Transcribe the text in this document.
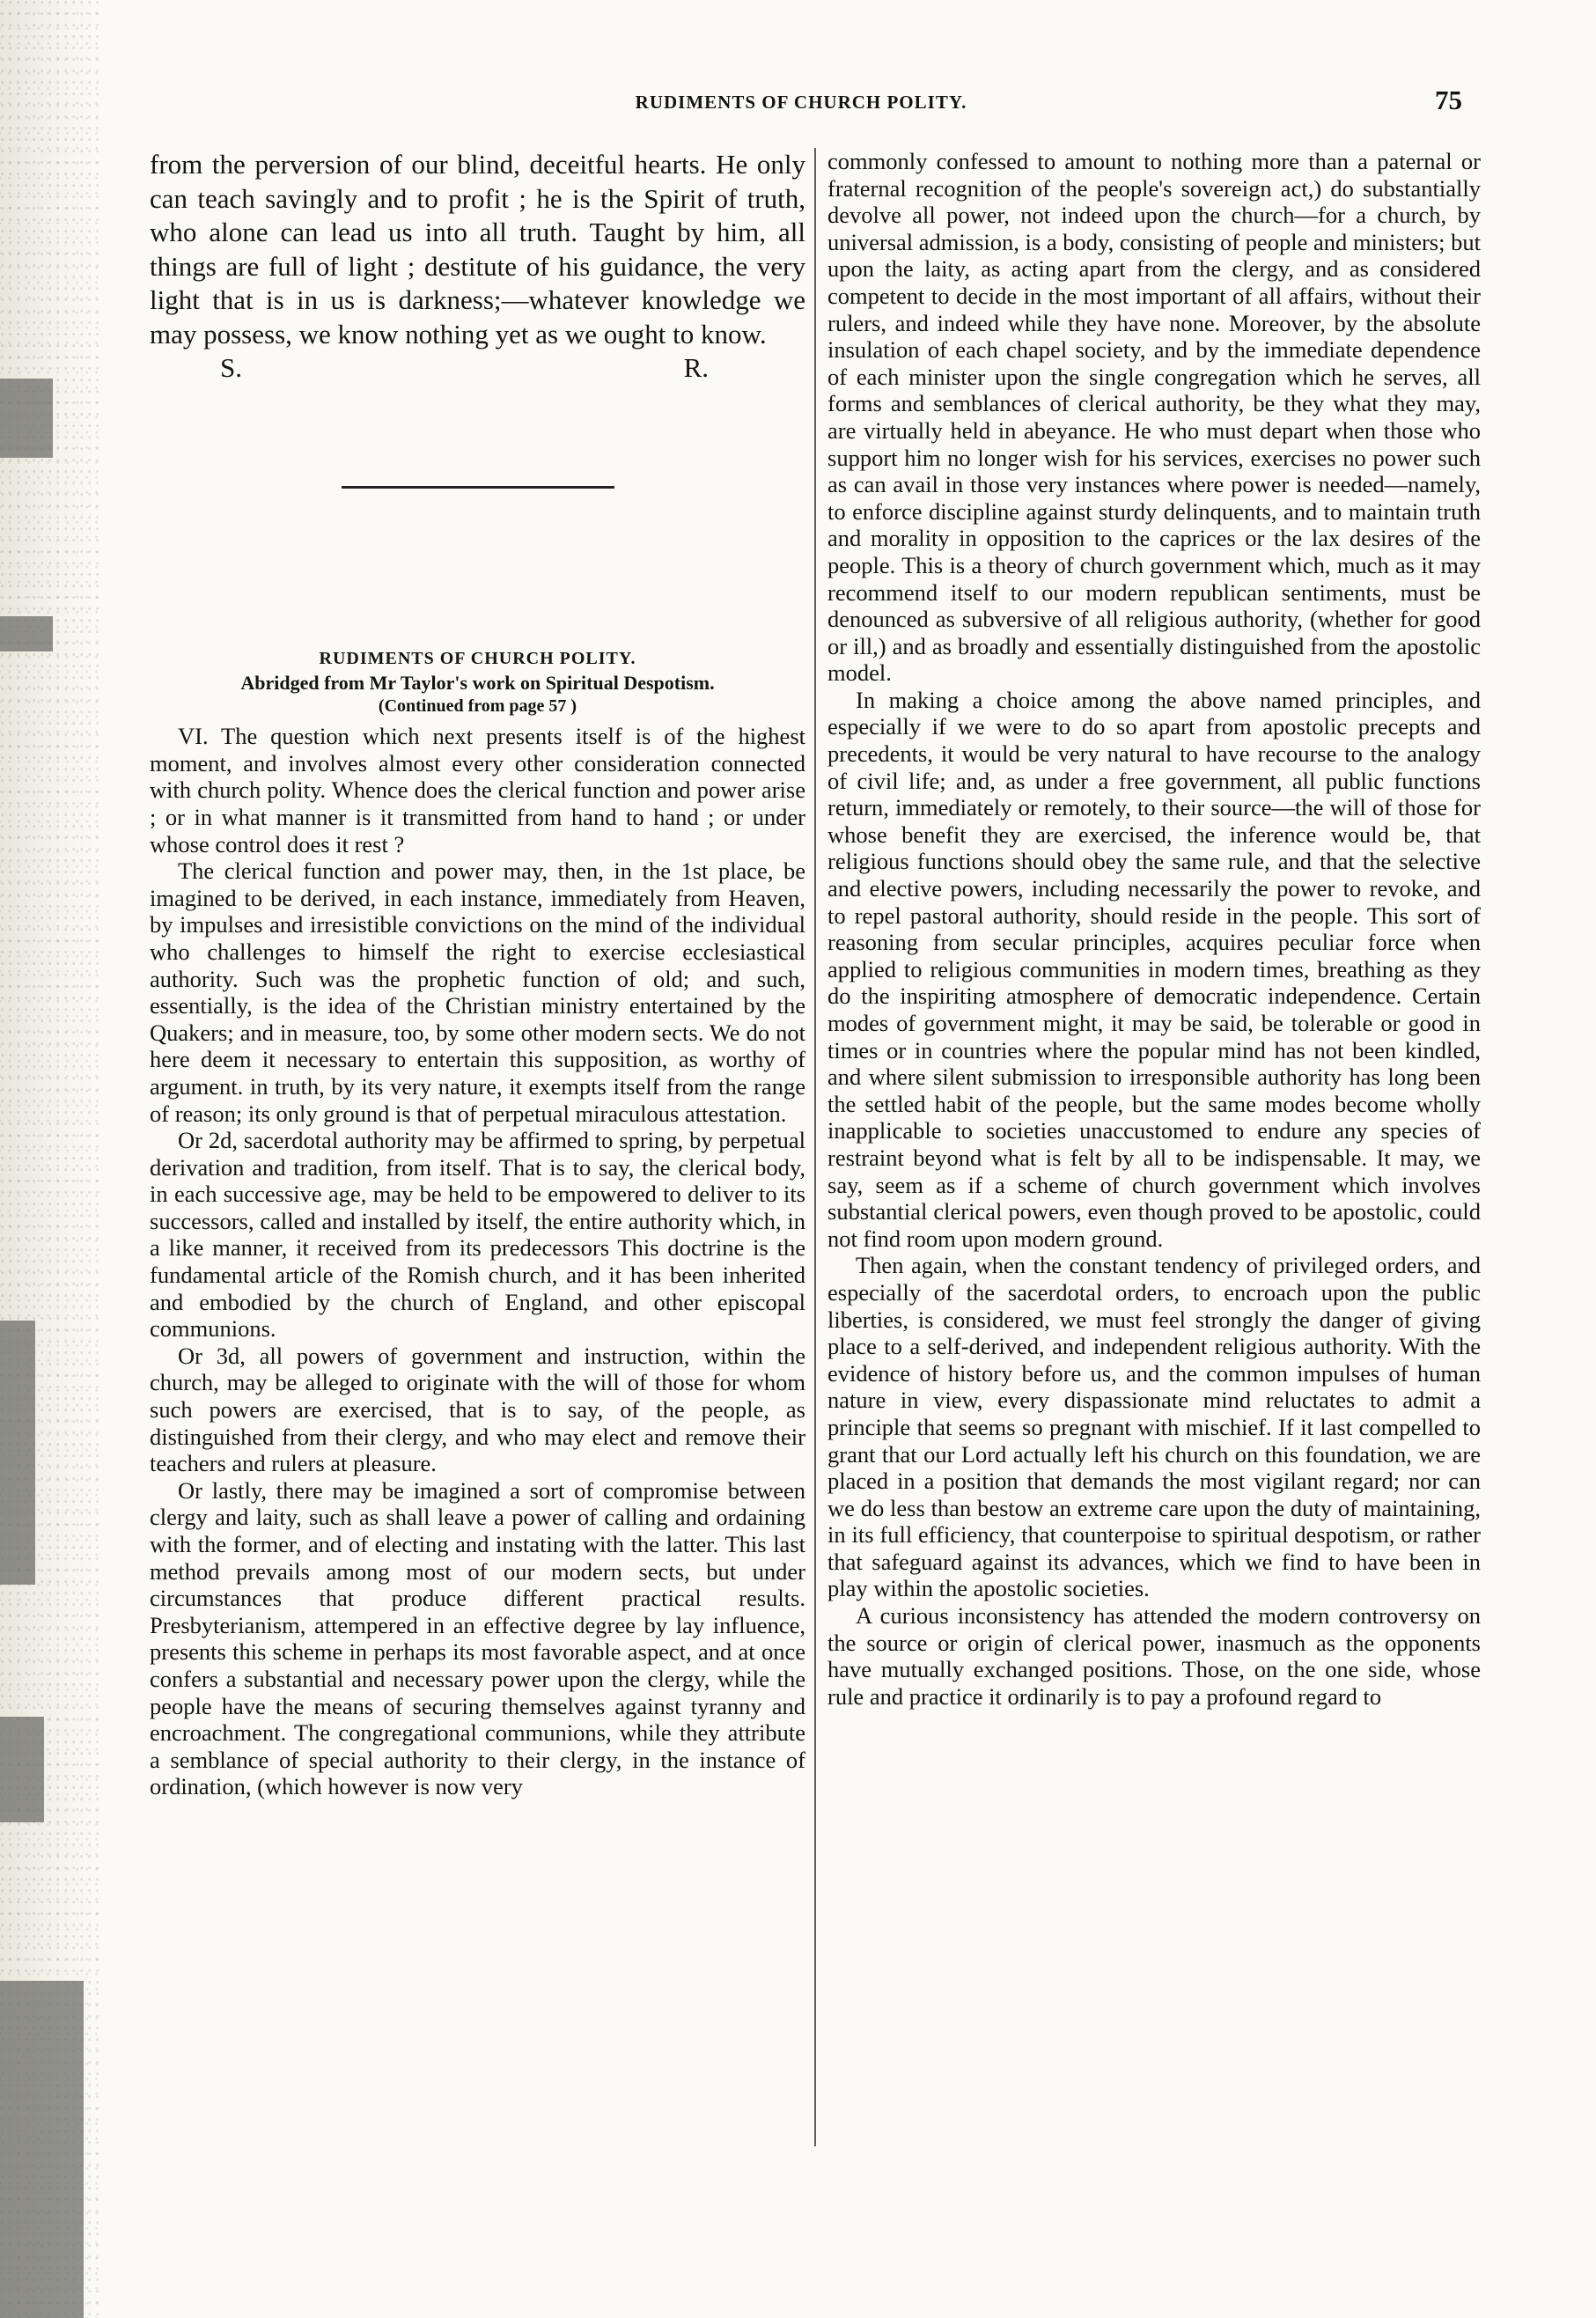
RUDIMENTS OF CHURCH POLITY.	75

from the perversion of our blind, deceitful hearts. He only can teach savingly and to profit ; he is the Spirit of truth, who alone can lead us into all truth. Taught by him, all things are full of light ; destitute of his guidance, the very light that is in us is darkness;—whatever knowledge we may possess, we know nothing yet as we ought to know.

S.	R.
RUDIMENTS OF CHURCH POLITY.
Abridged from Mr Taylor's work on Spiritual Despotism.
(Continued from page 57 )

VI. The question which next presents itself is of the highest moment, and involves almost every other consideration connected with church polity. Whence does the clerical function and power arise ; or in what manner is it transmitted from hand to hand ; or under whose control does it rest ?

The clerical function and power may, then, in the 1st place, be imagined to be derived, in each instance, immediately from Heaven, by impulses and irresistible convictions on the mind of the individual who challenges to himself the right to exercise ecclesiastical authority. Such was the prophetic function of old; and such, essentially, is the idea of the Christian ministry entertained by the Quakers; and in measure, too, by some other modern sects. We do not here deem it necessary to entertain this supposition, as worthy of argument. in truth, by its very nature, it exempts itself from the range of reason; its only ground is that of perpetual miraculous attestation.

Or 2d, sacerdotal authority may be affirmed to spring, by perpetual derivation and tradition, from itself. That is to say, the clerical body, in each successive age, may be held to be empowered to deliver to its successors, called and installed by itself, the entire authority which, in a like manner, it received from its predecessors This doctrine is the fundamental article of the Romish church, and it has been inherited and embodied by the church of England, and other episcopal communions.

Or 3d, all powers of government and instruction, within the church, may be alleged to originate with the will of those for whom such powers are exercised, that is to say, of the people, as distinguished from their clergy, and who may elect and remove their teachers and rulers at pleasure.

Or lastly, there may be imagined a sort of compromise between clergy and laity, such as shall leave a power of calling and ordaining with the former, and of electing and instating with the latter. This last method prevails among most of our modern sects, but under circumstances that produce different practical results. Presbyterianism, attempered in an effective degree by lay influence, presents this scheme in perhaps its most favorable aspect, and at once confers a substantial and necessary power upon the clergy, while the people have the means of securing themselves against tyranny and encroachment. The congregational communions, while they attribute a semblance of special authority to their clergy, in the instance of ordination, (which however is now very

commonly confessed to amount to nothing more than a paternal or fraternal recognition of the people's sovereign act,) do substantially devolve all power, not indeed upon the church—for a church, by universal admission, is a body, consisting of people and ministers; but upon the laity, as acting apart from the clergy, and as considered competent to decide in the most important of all affairs, without their rulers, and indeed while they have none. Moreover, by the absolute insulation of each chapel society, and by the immediate dependence of each minister upon the single congregation which he serves, all forms and semblances of clerical authority, be they what they may, are virtually held in abeyance. He who must depart when those who support him no longer wish for his services, exercises no power such as can avail in those very instances where power is needed—namely, to enforce discipline against sturdy delinquents, and to maintain truth and morality in opposition to the caprices or the lax desires of the people. This is a theory of church government which, much as it may recommend itself to our modern republican sentiments, must be denounced as subversive of all religious authority, (whether for good or ill,) and as broadly and essentially distinguished from the apostolic model.

In making a choice among the above named principles, and especially if we were to do so apart from apostolic precepts and precedents, it would be very natural to have recourse to the analogy of civil life; and, as under a free government, all public functions return, immediately or remotely, to their source—the will of those for whose benefit they are exercised, the inference would be, that religious functions should obey the same rule, and that the selective and elective powers, including necessarily the power to revoke, and to repel pastoral authority, should reside in the people. This sort of reasoning from secular principles, acquires peculiar force when applied to religious communities in modern times, breathing as they do the inspiriting atmosphere of democratic independence. Certain modes of government might, it may be said, be tolerable or good in times or in countries where the popular mind has not been kindled, and where silent submission to irresponsible authority has long been the settled habit of the people, but the same modes become wholly inapplicable to societies unaccustomed to endure any species of restraint beyond what is felt by all to be indispensable. It may, we say, seem as if a scheme of church government which involves substantial clerical powers, even though proved to be apostolic, could not find room upon modern ground.

Then again, when the constant tendency of privileged orders, and especially of the sacerdotal orders, to encroach upon the public liberties, is considered, we must feel strongly the danger of giving place to a self-derived, and independent religious authority. With the evidence of history before us, and the common impulses of human nature in view, every dispassionate mind reluctates to admit a principle that seems so pregnant with mischief. If it last compelled to grant that our Lord actually left his church on this foundation, we are placed in a position that demands the most vigilant regard; nor can we do less than bestow an extreme care upon the duty of maintaining, in its full efficiency, that counterpoise to spiritual despotism, or rather that safeguard against its advances, which we find to have been in play within the apostolic societies.

A curious inconsistency has attended the modern controversy on the source or origin of clerical power, inasmuch as the opponents have mutually exchanged positions. Those, on the one side, whose rule and practice it ordinarily is to pay a profound regard to
